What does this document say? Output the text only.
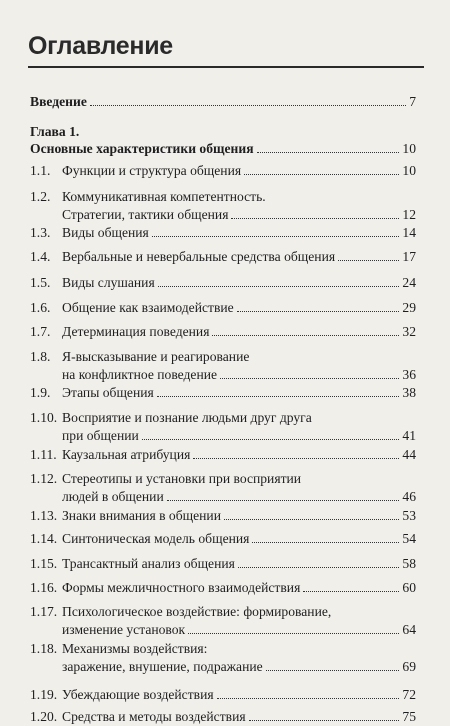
Оглавление
Введение	7
Глава 1.
Основные характеристики общения	10
1.1. Функции и структура общения	10
1.2. Коммуникативная компетентность.
Стратегии, тактики общения	12
1.3. Виды общения	14
1.4. Вербальные и невербальные средства общения	17
1.5. Виды слушания	24
1.6. Общение как взаимодействие	29
1.7. Детерминация поведения	32
1.8. Я-высказывание и реагирование
на конфликтное поведение	36
1.9. Этапы общения	38
1.10. Восприятие и познание людьми друг друга
при общении	41
1.11. Каузальная атрибуция	44
1.12. Стереотипы и установки при восприятии
людей в общении	46
1.13. Знаки внимания в общении	53
1.14. Синтоническая модель общения	54
1.15. Трансактный анализ общения	58
1.16. Формы межличностного взаимодействия	60
1.17. Психологическое воздействие: формирование,
изменение установок	64
1.18. Механизмы воздействия:
заражение, внушение, подражание	69
1.19. Убеждающие воздействия	72
1.20. Средства и методы воздействия	75
